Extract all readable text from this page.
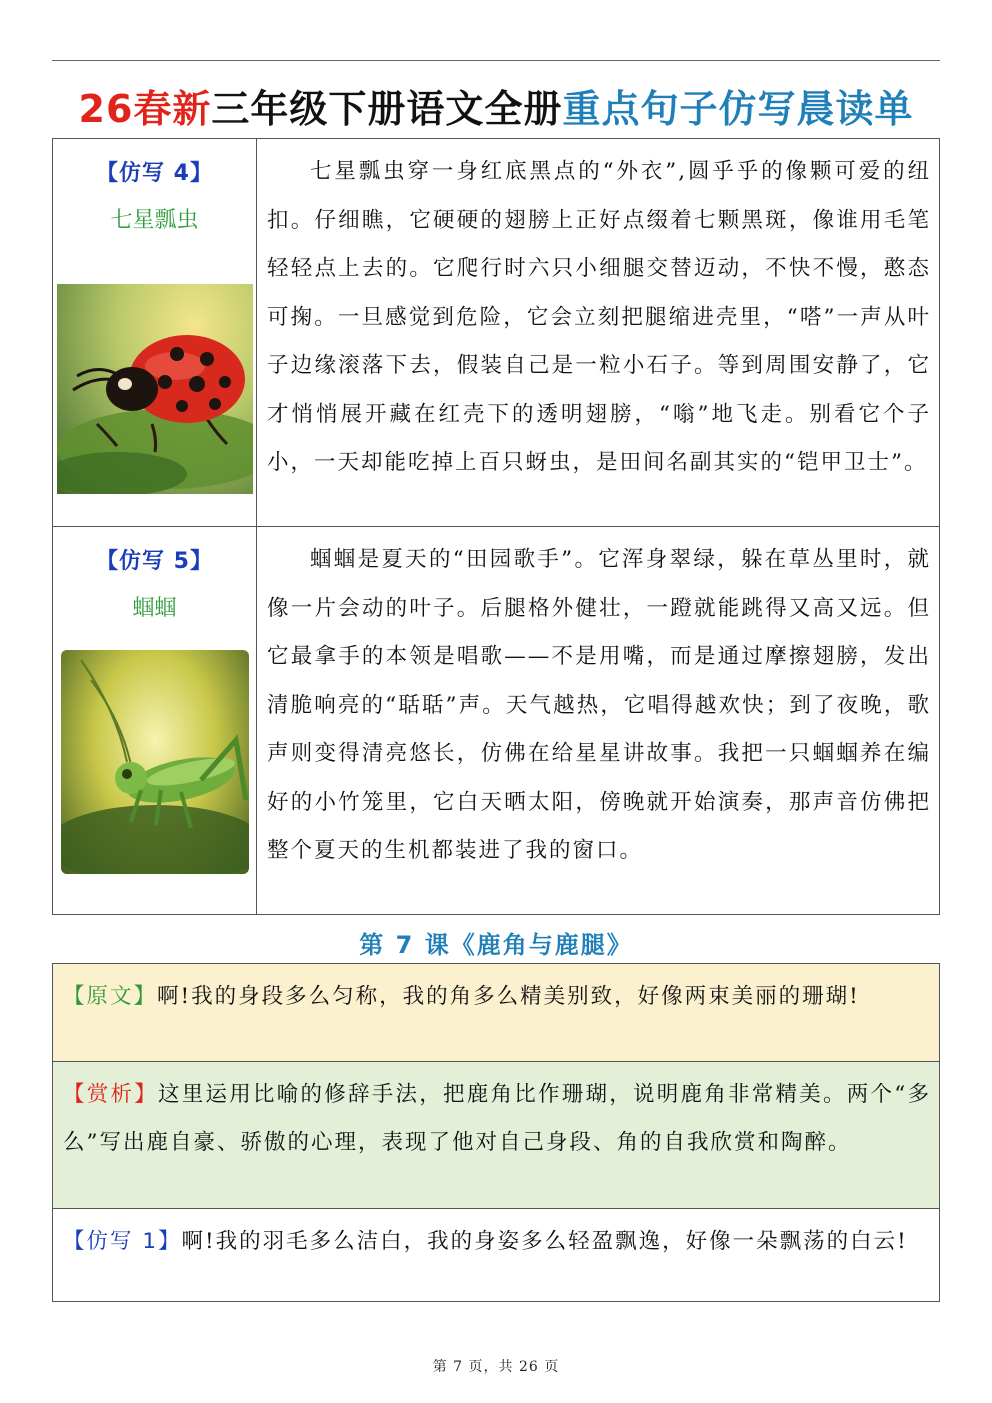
26春新三年级下册语文全册重点句子仿写晨读单
【仿写 4】
七星瓢虫	七星瓢虫穿一身红底黑点的“外衣”,圆乎乎的像颗可爱的纽扣。仔细瞧，它硬硬的翅膀上正好点缀着七颗黑斑，像谁用毛笔轻轻点上去的。它爬行时六只小细腿交替迈动，不快不慢，憨态可掬。一旦感觉到危险，它会立刻把腿缩进壳里，“嗒”一声从叶子边缘滚落下去，假装自己是一粒小石子。等到周围安静了，它才悄悄展开藏在红壳下的透明翅膀，“嗡”地飞走。别看它个子小，一天却能吃掉上百只蚜虫，是田间名副其实的“铠甲卫士”。

【仿写 5】
蝈蝈	蝈蝈是夏天的“田园歌手”。它浑身翠绿，躲在草丛里时，就像一片会动的叶子。后腿格外健壮，一蹬就能跳得又高又远。但它最拿手的本领是唱歌——不是用嘴，而是通过摩擦翅膀，发出清脆响亮的“聒聒”声。天气越热，它唱得越欢快；到了夜晚，歌声则变得清亮悠长，仿佛在给星星讲故事。我把一只蝈蝈养在编好的小竹笼里，它白天晒太阳，傍晚就开始演奏，那声音仿佛把整个夏天的生机都装进了我的窗口。

第 7 课《鹿角与鹿腿》

【原文】啊!我的身段多么匀称，我的角多么精美别致，好像两束美丽的珊瑚!

【赏析】这里运用比喻的修辞手法，把鹿角比作珊瑚，说明鹿角非常精美。两个“多么”写出鹿自豪、骄傲的心理，表现了他对自己身段、角的自我欣赏和陶醉。

【仿写 1】啊!我的羽毛多么洁白，我的身姿多么轻盈飘逸，好像一朵飘荡的白云!

第 7 页，共 26 页
